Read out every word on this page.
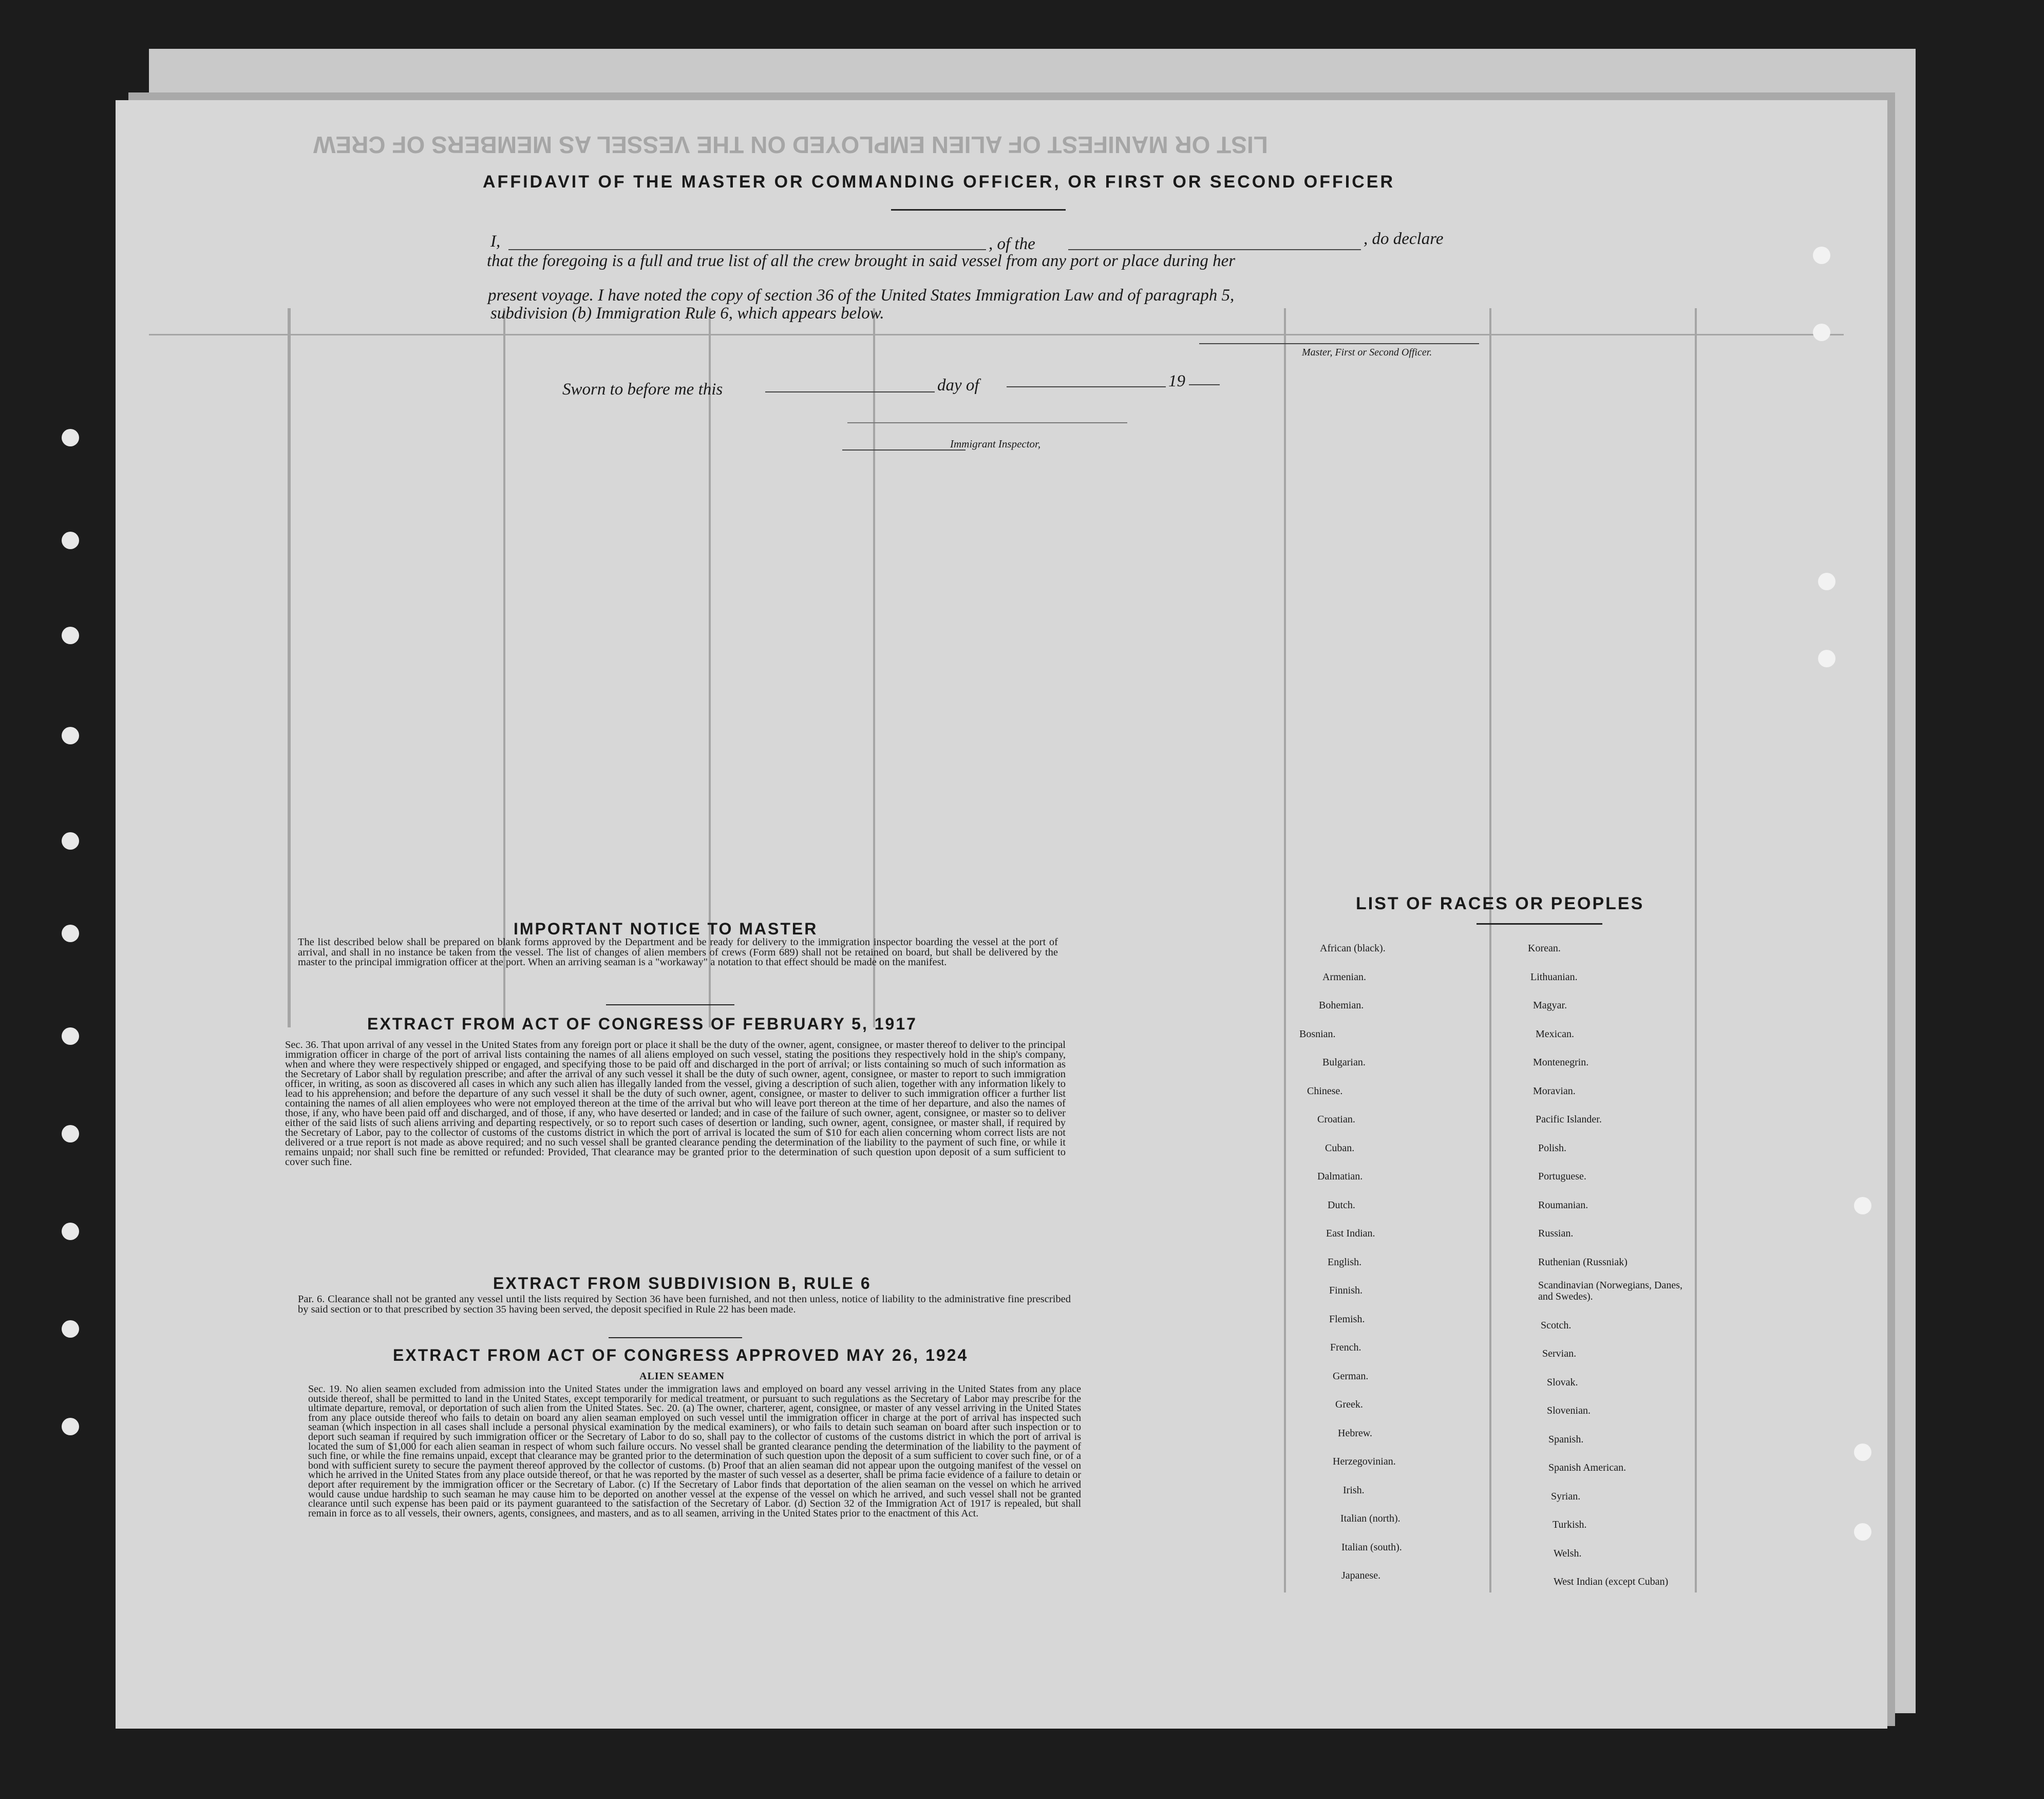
LIST OR MANIFEST OF ALIEN EMPLOYED ON THE VESSEL AS MEMBERS OF CREW
AFFIDAVIT OF THE MASTER OR COMMANDING OFFICER, OR FIRST OR SECOND OFFICER
I,	, of the	, do declare
that the foregoing is a full and true list of all the crew brought in said vessel from any port or place during her
present voyage. I have noted the copy of section 36 of the United States Immigration Law and of paragraph 5,
subdivision (b) Immigration Rule 6, which appears below.
Master, First or Second Officer.
Sworn to before me this	day of	19
Immigrant Inspector,
IMPORTANT NOTICE TO MASTER
The list described below shall be prepared on blank forms approved by the Department and be ready for delivery to the immigration inspector boarding the vessel at the port of arrival, and shall in no instance be taken from the vessel. The list of changes of alien members of crews (Form 689) shall not be retained on board, but shall be delivered by the master to the principal immigration officer at the port. When an arriving seaman is a "workaway" a notation to that effect should be made on the manifest.
EXTRACT FROM ACT OF CONGRESS OF FEBRUARY 5, 1917
Sec. 36. That upon arrival of any vessel in the United States from any foreign port or place it shall be the duty of the owner, agent, consignee, or master thereof to deliver to the principal immigration officer in charge of the port of arrival lists containing the names of all aliens employed on such vessel, stating the positions they respectively hold in the ship's company, when and where they were respectively shipped or engaged, and specifying those to be paid off and discharged in the port of arrival; or lists containing so much of such information as the Secretary of Labor shall by regulation prescribe; and after the arrival of any such vessel it shall be the duty of such owner, agent, consignee, or master to report to such immigration officer, in writing, as soon as discovered all cases in which any such alien has illegally landed from the vessel, giving a description of such alien, together with any information likely to lead to his apprehension; and before the departure of any such vessel it shall be the duty of such owner, agent, consignee, or master to deliver to such immigration officer a further list containing the names of all alien employees who were not employed thereon at the time of the arrival but who will leave port thereon at the time of her departure, and also the names of those, if any, who have been paid off and discharged, and of those, if any, who have deserted or landed; and in case of the failure of such owner, agent, consignee, or master so to deliver either of the said lists of such aliens arriving and departing respectively, or so to report such cases of desertion or landing, such owner, agent, consignee, or master shall, if required by the Secretary of Labor, pay to the collector of customs of the customs district in which the port of arrival is located the sum of $10 for each alien concerning whom correct lists are not delivered or a true report is not made as above required; and no such vessel shall be granted clearance pending the determination of the liability to the payment of such fine, or while it remains unpaid; nor shall such fine be remitted or refunded: Provided, That clearance may be granted prior to the determination of such question upon deposit of a sum sufficient to cover such fine.
EXTRACT FROM SUBDIVISION B, RULE 6
Par. 6. Clearance shall not be granted any vessel until the lists required by Section 36 have been furnished, and not then unless, notice of liability to the administrative fine prescribed by said section or to that prescribed by section 35 having been served, the deposit specified in Rule 22 has been made.
EXTRACT FROM ACT OF CONGRESS APPROVED MAY 26, 1924
ALIEN SEAMEN
Sec. 19. No alien seamen excluded from admission into the United States under the immigration laws and employed on board any vessel arriving in the United States from any place outside thereof, shall be permitted to land in the United States, except temporarily for medical treatment, or pursuant to such regulations as the Secretary of Labor may prescribe for the ultimate departure, removal, or deportation of such alien from the United States. Sec. 20. (a) The owner, charterer, agent, consignee, or master of any vessel arriving in the United States from any place outside thereof who fails to detain on board any alien seaman employed on such vessel until the immigration officer in charge at the port of arrival has inspected such seaman (which inspection in all cases shall include a personal physical examination by the medical examiners), or who fails to detain such seaman on board after such inspection or to deport such seaman if required by such immigration officer or the Secretary of Labor to do so, shall pay to the collector of customs of the customs district in which the port of arrival is located the sum of $1,000 for each alien seaman in respect of whom such failure occurs. No vessel shall be granted clearance pending the determination of the liability to the payment of such fine, or while the fine remains unpaid, except that clearance may be granted prior to the determination of such question upon the deposit of a sum sufficient to cover such fine, or of a bond with sufficient surety to secure the payment thereof approved by the collector of customs. (b) Proof that an alien seaman did not appear upon the outgoing manifest of the vessel on which he arrived in the United States from any place outside thereof, or that he was reported by the master of such vessel as a deserter, shall be prima facie evidence of a failure to detain or deport after requirement by the immigration officer or the Secretary of Labor. (c) If the Secretary of Labor finds that deportation of the alien seaman on the vessel on which he arrived would cause undue hardship to such seaman he may cause him to be deported on another vessel at the expense of the vessel on which he arrived, and such vessel shall not be granted clearance until such expense has been paid or its payment guaranteed to the satisfaction of the Secretary of Labor. (d) Section 32 of the Immigration Act of 1917 is repealed, but shall remain in force as to all vessels, their owners, agents, consignees, and masters, and as to all seamen, arriving in the United States prior to the enactment of this Act.
LIST OF RACES OR PEOPLES
African (black).
Armenian.
Bohemian.
Bosnian.
Bulgarian.
Chinese.
Croatian.
Cuban.
Dalmatian.
Dutch.
East Indian.
English.
Finnish.
Flemish.
French.
German.
Greek.
Hebrew.
Herzegovinian.
Irish.
Italian (north).
Italian (south).
Japanese.
Korean.
Lithuanian.
Magyar.
Mexican.
Montenegrin.
Moravian.
Pacific Islander.
Polish.
Portuguese.
Roumanian.
Russian.
Ruthenian (Russniak)
Scandinavian (Norwegians, Danes, and Swedes).
Scotch.
Servian.
Slovak.
Slovenian.
Spanish.
Spanish American.
Syrian.
Turkish.
Welsh.
West Indian (except Cuban)
